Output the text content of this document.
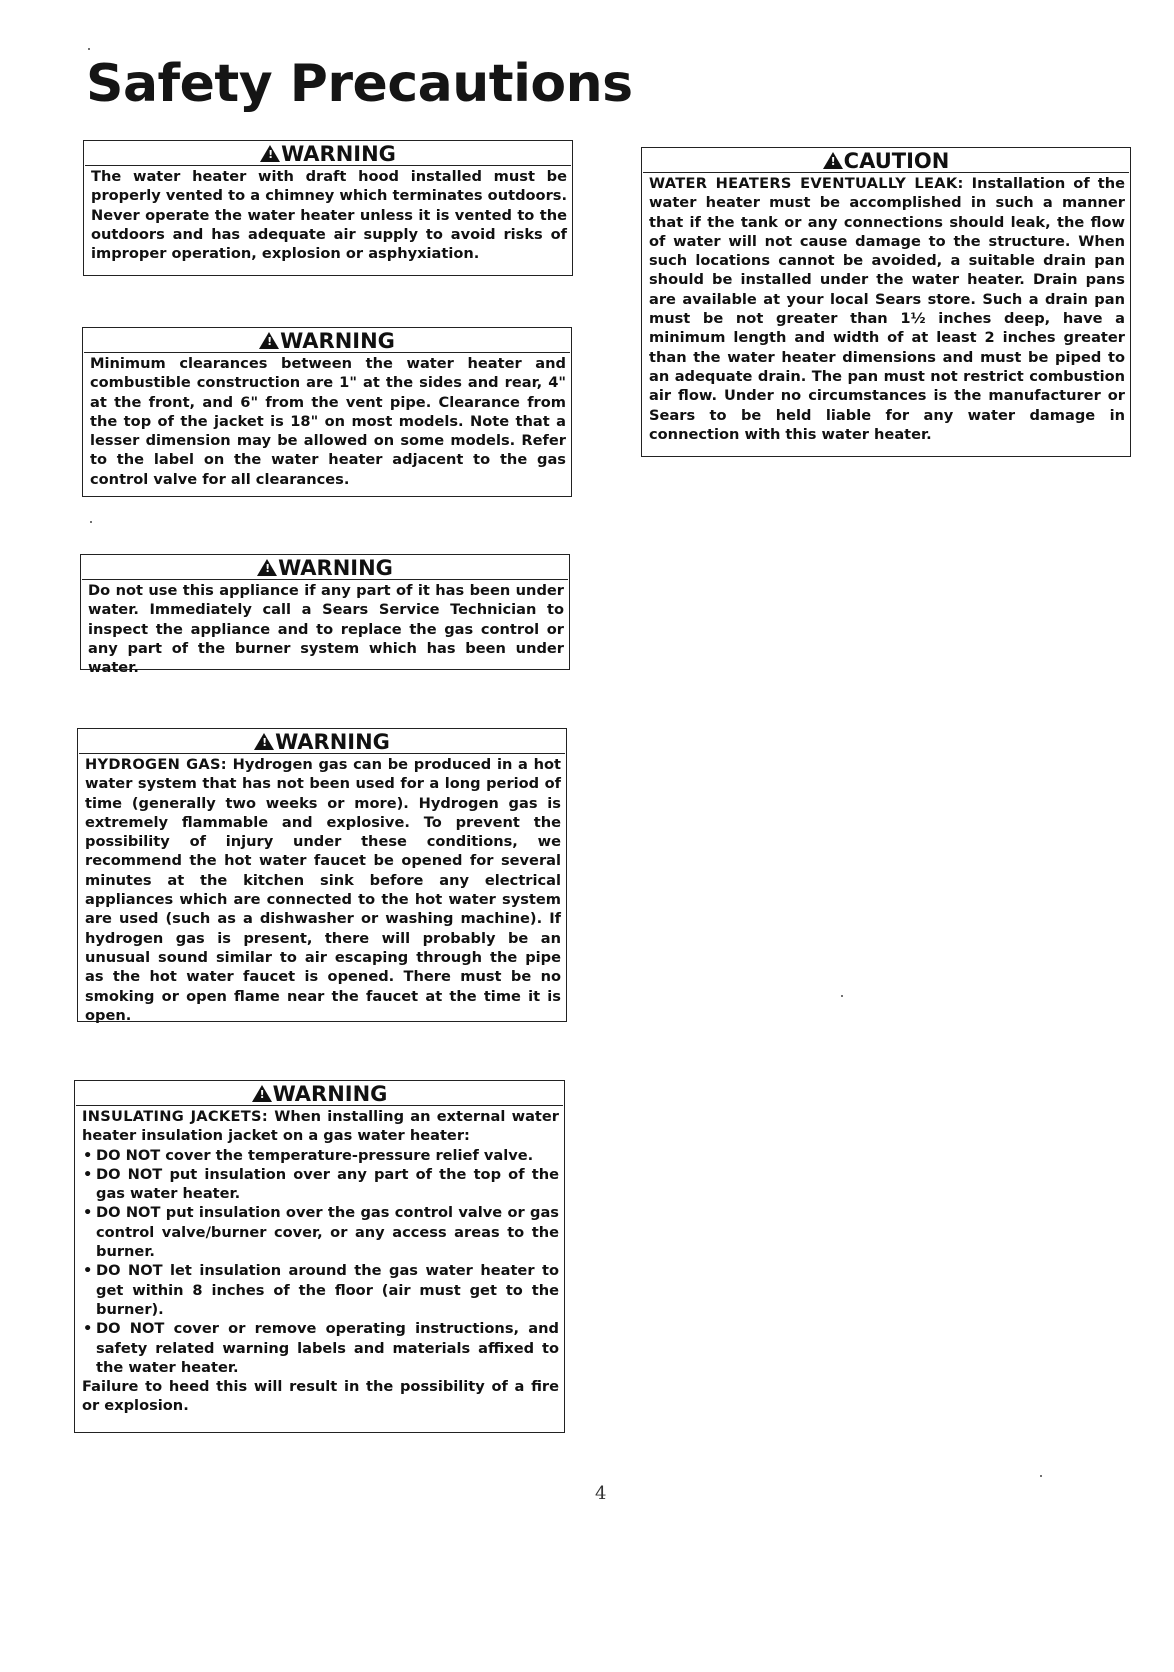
Safety Precautions
!WARNING

The water heater with draft hood installed must be properly vented to a chimney which terminates outdoors. Never operate the water heater unless it is vented to the outdoors and has adequate air supply to avoid risks of improper operation, explosion or asphyxiation.

!WARNING

Minimum clearances between the water heater and combustible construction are 1" at the sides and rear, 4" at the front, and 6" from the vent pipe. Clearance from the top of the jacket is 18" on most models. Note that a lesser dimension may be allowed on some models. Refer to the label on the water heater adjacent to the gas control valve for all clearances.

!WARNING

Do not use this appliance if any part of it has been under water. Immediately call a Sears Service Technician to inspect the appliance and to replace the gas control or any part of the burner system which has been under water.

!WARNING

HYDROGEN GAS: Hydrogen gas can be produced in a hot water system that has not been used for a long period of time (generally two weeks or more). Hydrogen gas is extremely flammable and explosive. To prevent the possibility of injury under these conditions, we recommend the hot water faucet be opened for several minutes at the kitchen sink before any electrical appliances which are connected to the hot water system are used (such as a dishwasher or washing machine). If hydrogen gas is present, there will probably be an unusual sound similar to air escaping through the pipe as the hot water faucet is opened. There must be no smoking or open flame near the faucet at the time it is open.

!WARNING

INSULATING JACKETS: When installing an external water heater insulation jacket on a gas water heater:

• DO NOT cover the temperature-pressure relief valve.
• DO NOT put insulation over any part of the top of the gas water heater.
• DO NOT put insulation over the gas control valve or gas control valve/burner cover, or any access areas to the burner.
• DO NOT let insulation around the gas water heater to get within 8 inches of the floor (air must get to the burner).
• DO NOT cover or remove operating instructions, and safety related warning labels and materials affixed to the water heater.

Failure to heed this will result in the possibility of a fire or explosion.

!CAUTION

WATER HEATERS EVENTUALLY LEAK: Installation of the water heater must be accomplished in such a manner that if the tank or any connections should leak, the flow of water will not cause damage to the structure. When such locations cannot be avoided, a suitable drain pan should be installed under the water heater. Drain pans are available at your local Sears store. Such a drain pan must be not greater than 1½ inches deep, have a minimum length and width of at least 2 inches greater than the water heater dimensions and must be piped to an adequate drain. The pan must not restrict combustion air flow. Under no circumstances is the manufacturer or Sears to be held liable for any water damage in connection with this water heater.

4
